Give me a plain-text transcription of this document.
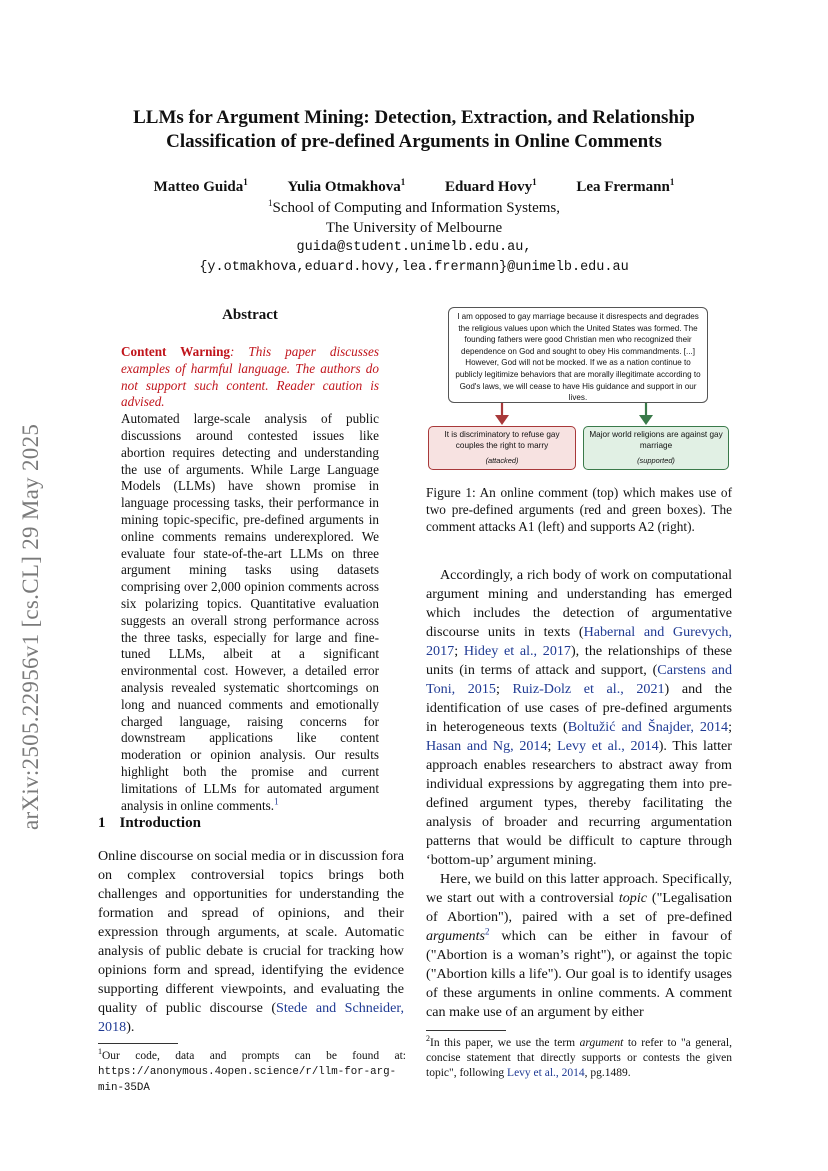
LLMs for Argument Mining: Detection, Extraction, and Relationship
Classification of pre-defined Arguments in Online Comments
Matteo Guida$^1$	Yulia Otmakhova$^1$	Eduard Hovy$^1$	Lea Frermann$^1$
$^1$School of Computing and Information Systems,
The University of Melbourne
guida@student.unimelb.edu.au,
{y.otmakhova,eduard.hovy,lea.frermann}@unimelb.edu.au
arXiv:2505.22956v1 [cs.CL] 29 May 2025
Abstract

Content Warning: This paper discusses examples of harmful language. The authors do not support such content. Reader caution is advised.

Automated large-scale analysis of public discussions around contested issues like abortion requires detecting and understanding the use of arguments. While Large Language Models (LLMs) have shown promise in language processing tasks, their performance in mining topic-specific, pre-defined arguments in online comments remains underexplored. We evaluate four state-of-the-art LLMs on three argument mining tasks using datasets comprising over 2,000 opinion comments across six polarizing topics. Quantitative evaluation suggests an overall strong performance across the three tasks, especially for large and fine-tuned LLMs, albeit at a significant environmental cost. However, a detailed error analysis revealed systematic shortcomings on long and nuanced comments and emotionally charged language, raising concerns for downstream applications like content moderation or opinion analysis. Our results highlight both the promise and current limitations of LLMs for automated argument analysis in online comments.$^1$

1 Introduction
Online discourse on social media or in discussion fora on complex controversial topics brings both challenges and opportunities for understanding the formation and spread of opinions, and their expression through arguments, at scale. Automatic analysis of public debate is crucial for tracking how opinions form and spread, identifying the evidence supporting different viewpoints, and evaluating the quality of public discourse (Stede and Schneider, 2018).
$^1$Our code, data and prompts can be found at: https://anonymous.4open.science/r/llm-for-arg-min-35DA
I am opposed to gay marriage because it disrespects and degrades the religious values upon which the United States was formed. The founding fathers were good Christian men who recognized their dependence on God and sought to obey His commandments. [...] However, God will not be mocked. If we as a nation continue to publicly legitimize behaviors that are morally illegitimate according to God's laws, we will cease to have His guidance and support in our lives.
It is discriminatory to refuse gay couples the right to marry
(attacked)
Major world religions are against gay marriage
(supported)
Figure 1: An online comment (top) which makes use of two pre-defined arguments (red and green boxes). The comment attacks A1 (left) and supports A2 (right).

Accordingly, a rich body of work on computational argument mining and understanding has emerged which includes the detection of argumentative discourse units in texts (Habernal and Gurevych, 2017; Hidey et al., 2017), the relationships of these units (in terms of attack and support, (Carstens and Toni, 2015; Ruiz-Dolz et al., 2021) and the identification of use cases of pre-defined arguments in heterogeneous texts (Boltužić and Šnajder, 2014; Hasan and Ng, 2014; Levy et al., 2014). This latter approach enables researchers to abstract away from individual expressions by aggregating them into pre-defined argument types, thereby facilitating the analysis of broader and recurring argumentation patterns that would be difficult to capture through ‘bottom-up’ argument mining.

Here, we build on this latter approach. Specifically, we start out with a controversial topic ("Legalisation of Abortion"), paired with a set of pre-defined arguments$^2$ which can be either in favour of ("Abortion is a woman’s right"), or against the topic ("Abortion kills a life"). Our goal is to identify usages of these arguments in online comments. A comment can make use of an argument by either

$^2$In this paper, we use the term argument to refer to "a general, concise statement that directly supports or contests the given topic", following Levy et al., 2014, pg.1489.
